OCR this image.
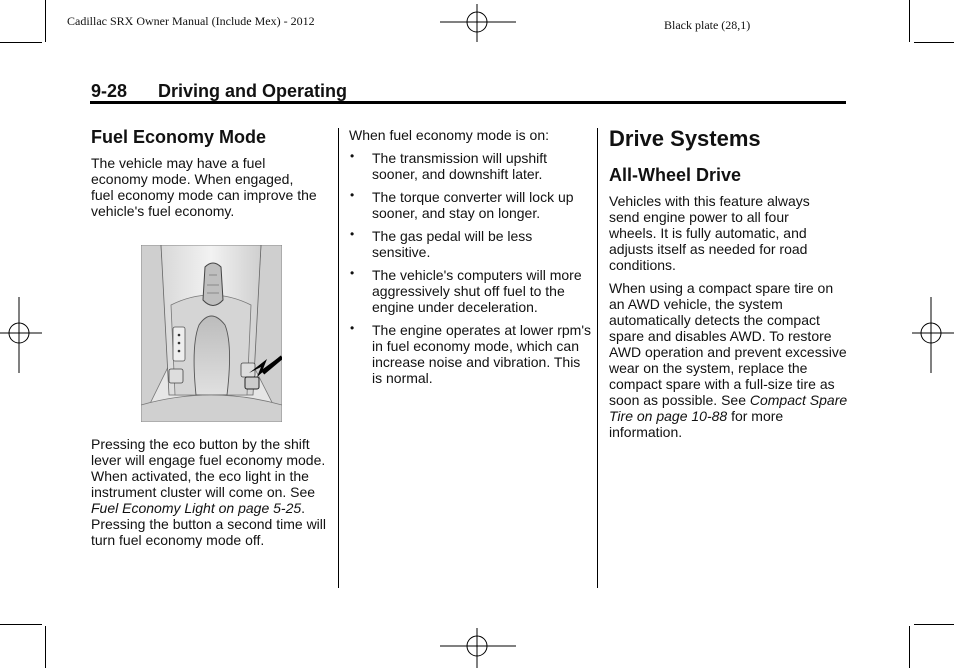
Cadillac SRX Owner Manual (Include Mex) - 2012	Black plate (28,1)
9-28 Driving and Operating
Fuel Economy Mode
The vehicle may have a fuel economy mode. When engaged, fuel economy mode can improve the vehicle's fuel economy.
Pressing the eco button by the shift lever will engage fuel economy mode. When activated, the eco light in the instrument cluster will come on. See Fuel Economy Light on page 5-25. Pressing the button a second time will turn fuel economy mode off.
When fuel economy mode is on:
• The transmission will upshift sooner, and downshift later.
• The torque converter will lock up sooner, and stay on longer.
• The gas pedal will be less sensitive.
• The vehicle's computers will more aggressively shut off fuel to the engine under deceleration.
• The engine operates at lower rpm's in fuel economy mode, which can increase noise and vibration. This is normal.
Drive Systems
All-Wheel Drive
Vehicles with this feature always send engine power to all four wheels. It is fully automatic, and adjusts itself as needed for road conditions.
When using a compact spare tire on an AWD vehicle, the system automatically detects the compact spare and disables AWD. To restore AWD operation and prevent excessive wear on the system, replace the compact spare with a full-size tire as soon as possible. See Compact Spare Tire on page 10-88 for more information.
